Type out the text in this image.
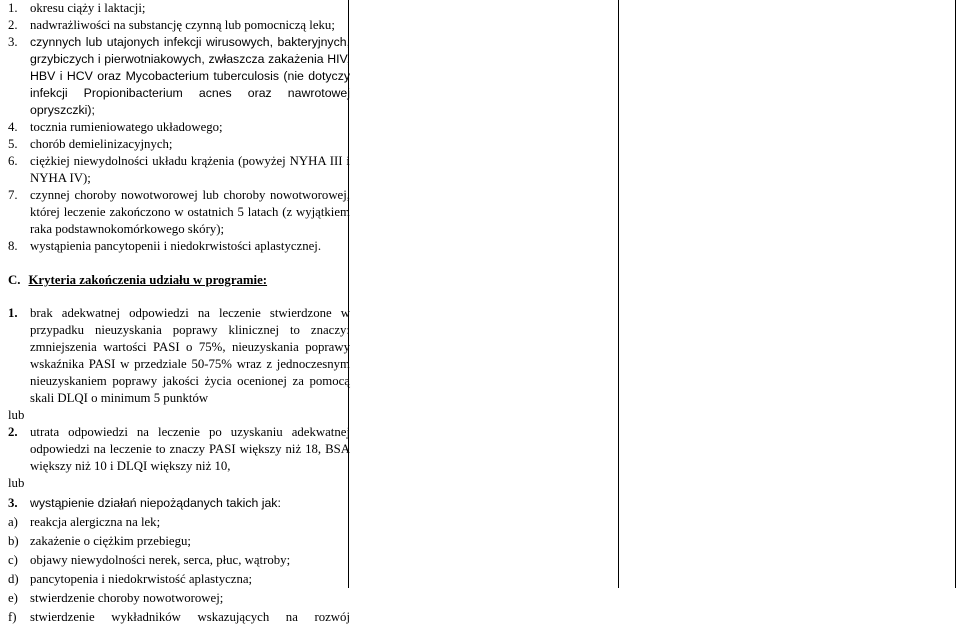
1. okresu ciąży i laktacji;
2. nadwrażliwości na substancję czynną lub pomocniczą leku;
3.	czynnych lub utajonych infekcji wirusowych, bakteryjnych, grzybiczych i pierwotniakowych, zwłaszcza zakażenia HIV, HBV i HCV oraz Mycobacterium tuberculosis (nie dotyczy infekcji Propionibacterium acnes oraz nawrotowej opryszczki);
4. tocznia rumieniowatego układowego;
5. chorób demielinizacyjnych;
6. ciężkiej niewydolności układu krążenia (powyżej NYHA III i NYHA IV);
7. czynnej choroby nowotworowej lub choroby nowotworowej, której leczenie zakończono w ostatnich 5 latach (z wyjątkiem raka podstawnokomórkowego skóry);
8. wystąpienia pancytopenii i niedokrwistości aplastycznej.
C. Kryteria zakończenia udziału w programie:
1. brak adekwatnej odpowiedzi na leczenie stwierdzone w przypadku nieuzyskania poprawy klinicznej to znaczy: zmniejszenia wartości PASI o 75%, nieuzyskania poprawy wskaźnika PASI w przedziale 50-75% wraz z jednoczesnym nieuzyskaniem poprawy jakości życia ocenionej za pomocą skali DLQI o minimum 5 punktów
lub
2. utrata odpowiedzi na leczenie po uzyskaniu adekwatnej odpowiedzi na leczenie to znaczy PASI większy niż 18, BSA większy niż 10 i DLQI większy niż 10,
lub
3.	wystąpienie działań niepożądanych takich jak:
a) reakcja alergiczna na lek;
b) zakażenie o ciężkim przebiegu;
c) objawy niewydolności nerek, serca, płuc, wątroby;
d) pancytopenia i niedokrwistość aplastyczna;
e) stwierdzenie choroby nowotworowej;
f)	stwierdzenie wykładników wskazujących na rozwój
